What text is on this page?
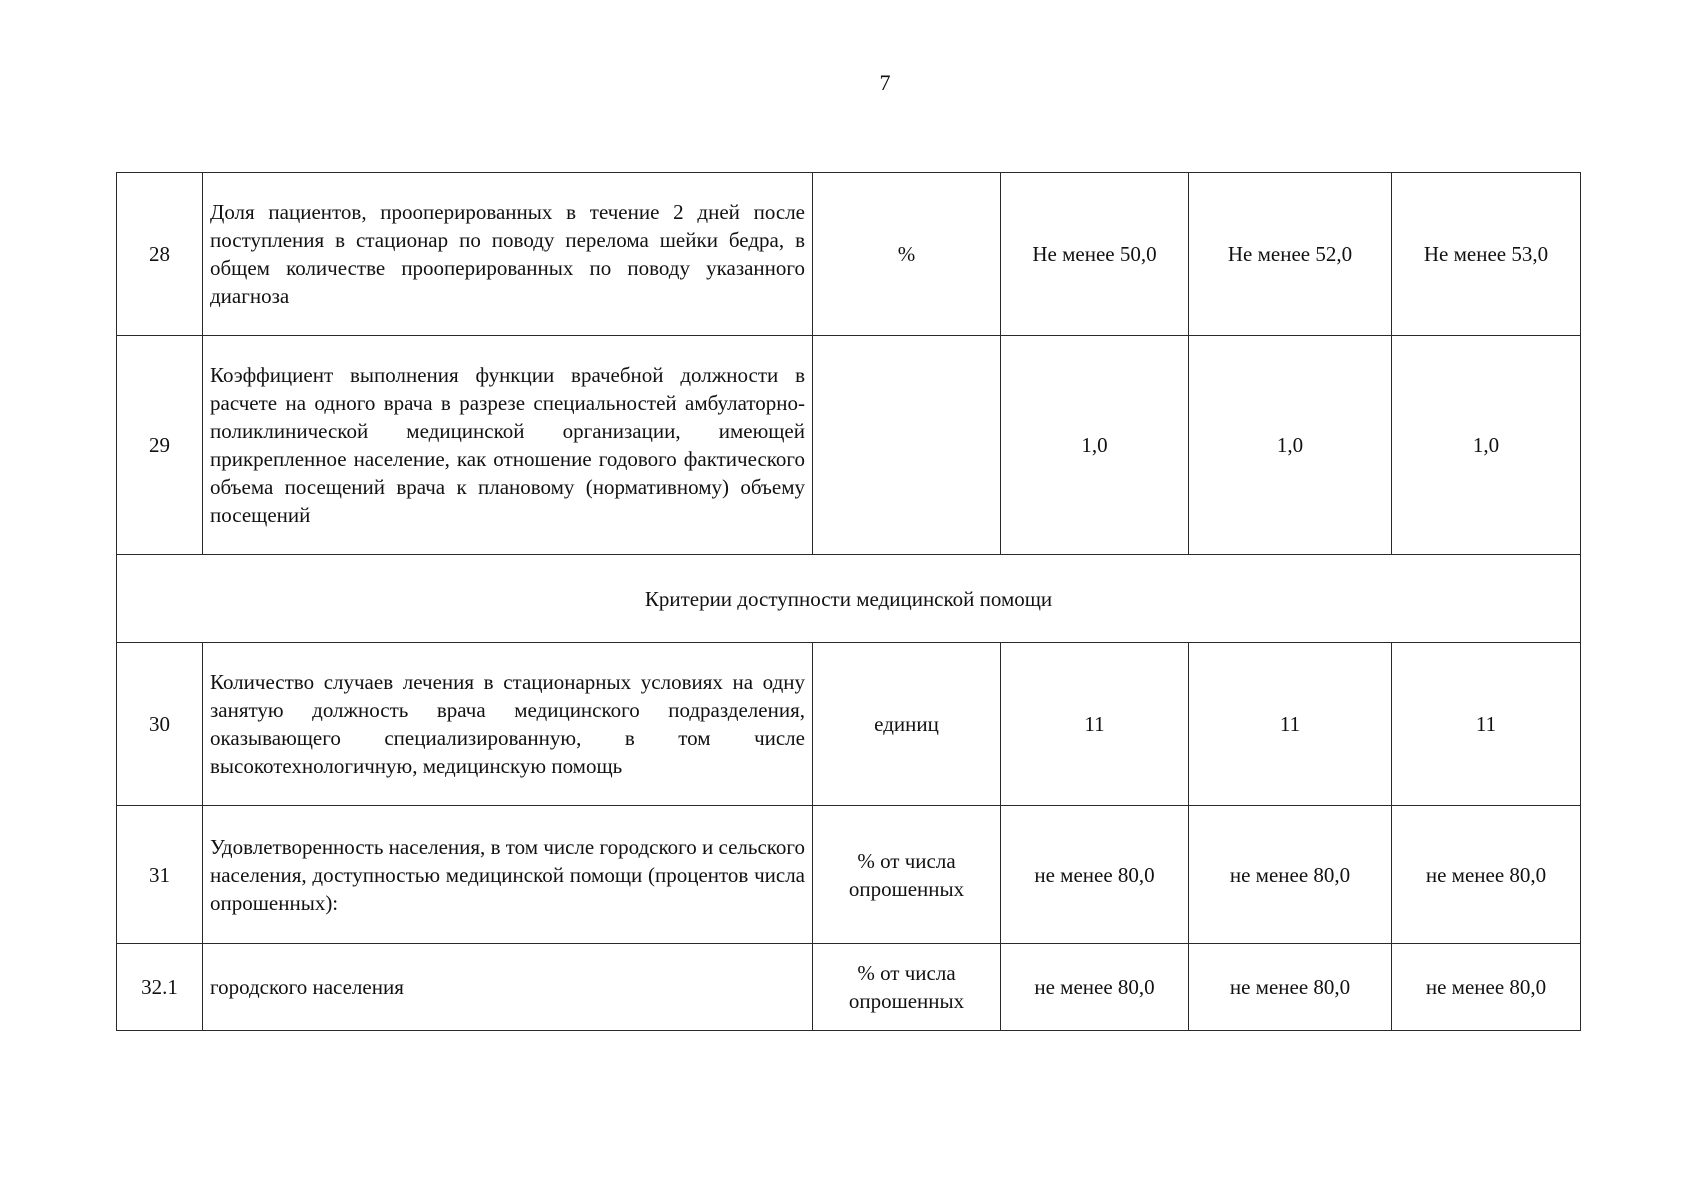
7
28	Доля пациентов, прооперированных в течение 2 дней после поступления в стационар по поводу перелома шейки бедра, в общем количестве прооперированных по поводу указанного диагноза	%	Не менее 50,0	Не менее 52,0	Не менее 53,0
29	Коэффициент выполнения функции врачебной должности в расчете на одного врача в разрезе специальностей амбулаторно-поликлинической медицинской организации, имеющей прикрепленное население, как отношение годового фактического объема посещений врача к плановому (нормативному) объему посещений		1,0	1,0	1,0
Критерии доступности медицинской помощи					
30	Количество случаев лечения в стационарных условиях на одну занятую должность врача медицинского подразделения, оказывающего специализированную, в том числе высокотехнологичную, медицинскую помощь	единиц	11	11	11
31	Удовлетворенность населения, в том числе городского и сельского населения, доступностью медицинской помощи (процентов числа опрошенных):	% от числа опрошенных	не менее 80,0	не менее 80,0	не менее 80,0
32.1	городского населения	% от числа опрошенных	не менее 80,0	не менее 80,0	не менее 80,0
